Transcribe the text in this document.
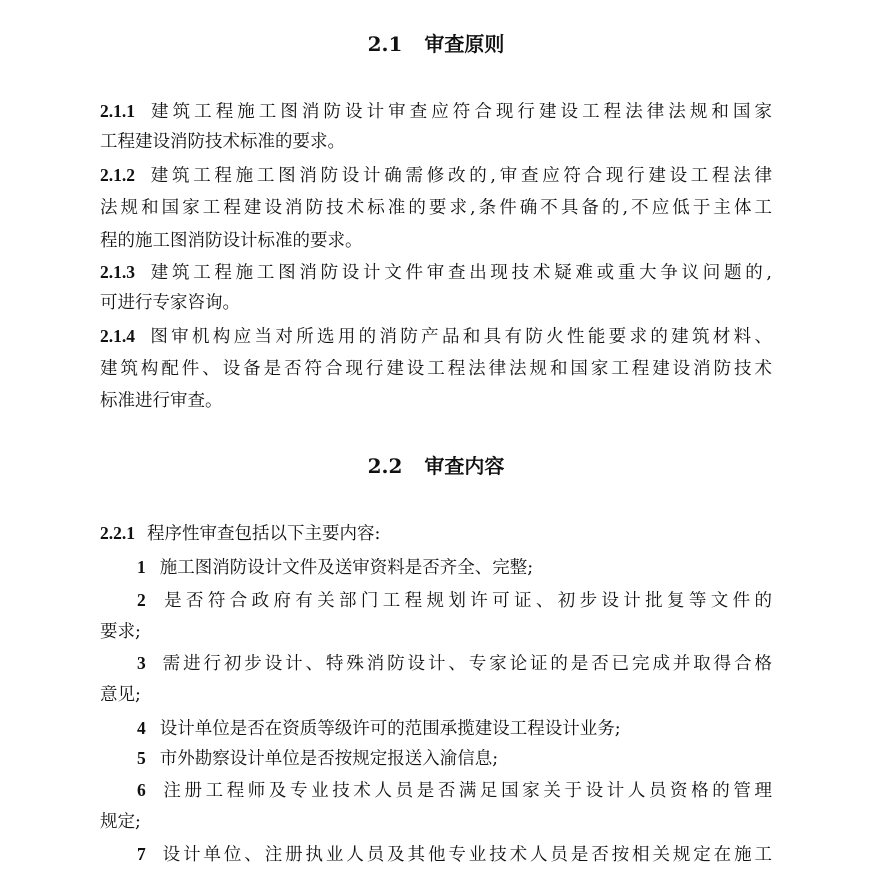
2.1 审查原则
2.1.1 建筑工程施工图消防设计审查应符合现行建设工程法律法规和国家
工程建设消防技术标准的要求。
2.1.2 建筑工程施工图消防设计确需修改的,审查应符合现行建设工程法律
法规和国家工程建设消防技术标准的要求,条件确不具备的,不应低于主体工
程的施工图消防设计标准的要求。
2.1.3 建筑工程施工图消防设计文件审查出现技术疑难或重大争议问题的,
可进行专家咨询。
2.1.4 图审机构应当对所选用的消防产品和具有防火性能要求的建筑材料、
建筑构配件、设备是否符合现行建设工程法律法规和国家工程建设消防技术
标准进行审查。
2.2 审查内容
2.2.1 程序性审查包括以下主要内容:
1 施工图消防设计文件及送审资料是否齐全、完整;
2 是否符合政府有关部门工程规划许可证、初步设计批复等文件的
要求;
3 需进行初步设计、特殊消防设计、专家论证的是否已完成并取得合格
意见;
4 设计单位是否在资质等级许可的范围承揽建设工程设计业务;
5 市外勘察设计单位是否按规定报送入渝信息;
6 注册工程师及专业技术人员是否满足国家关于设计人员资格的管理
规定;
7 设计单位、注册执业人员及其他专业技术人员是否按相关规定在施工
